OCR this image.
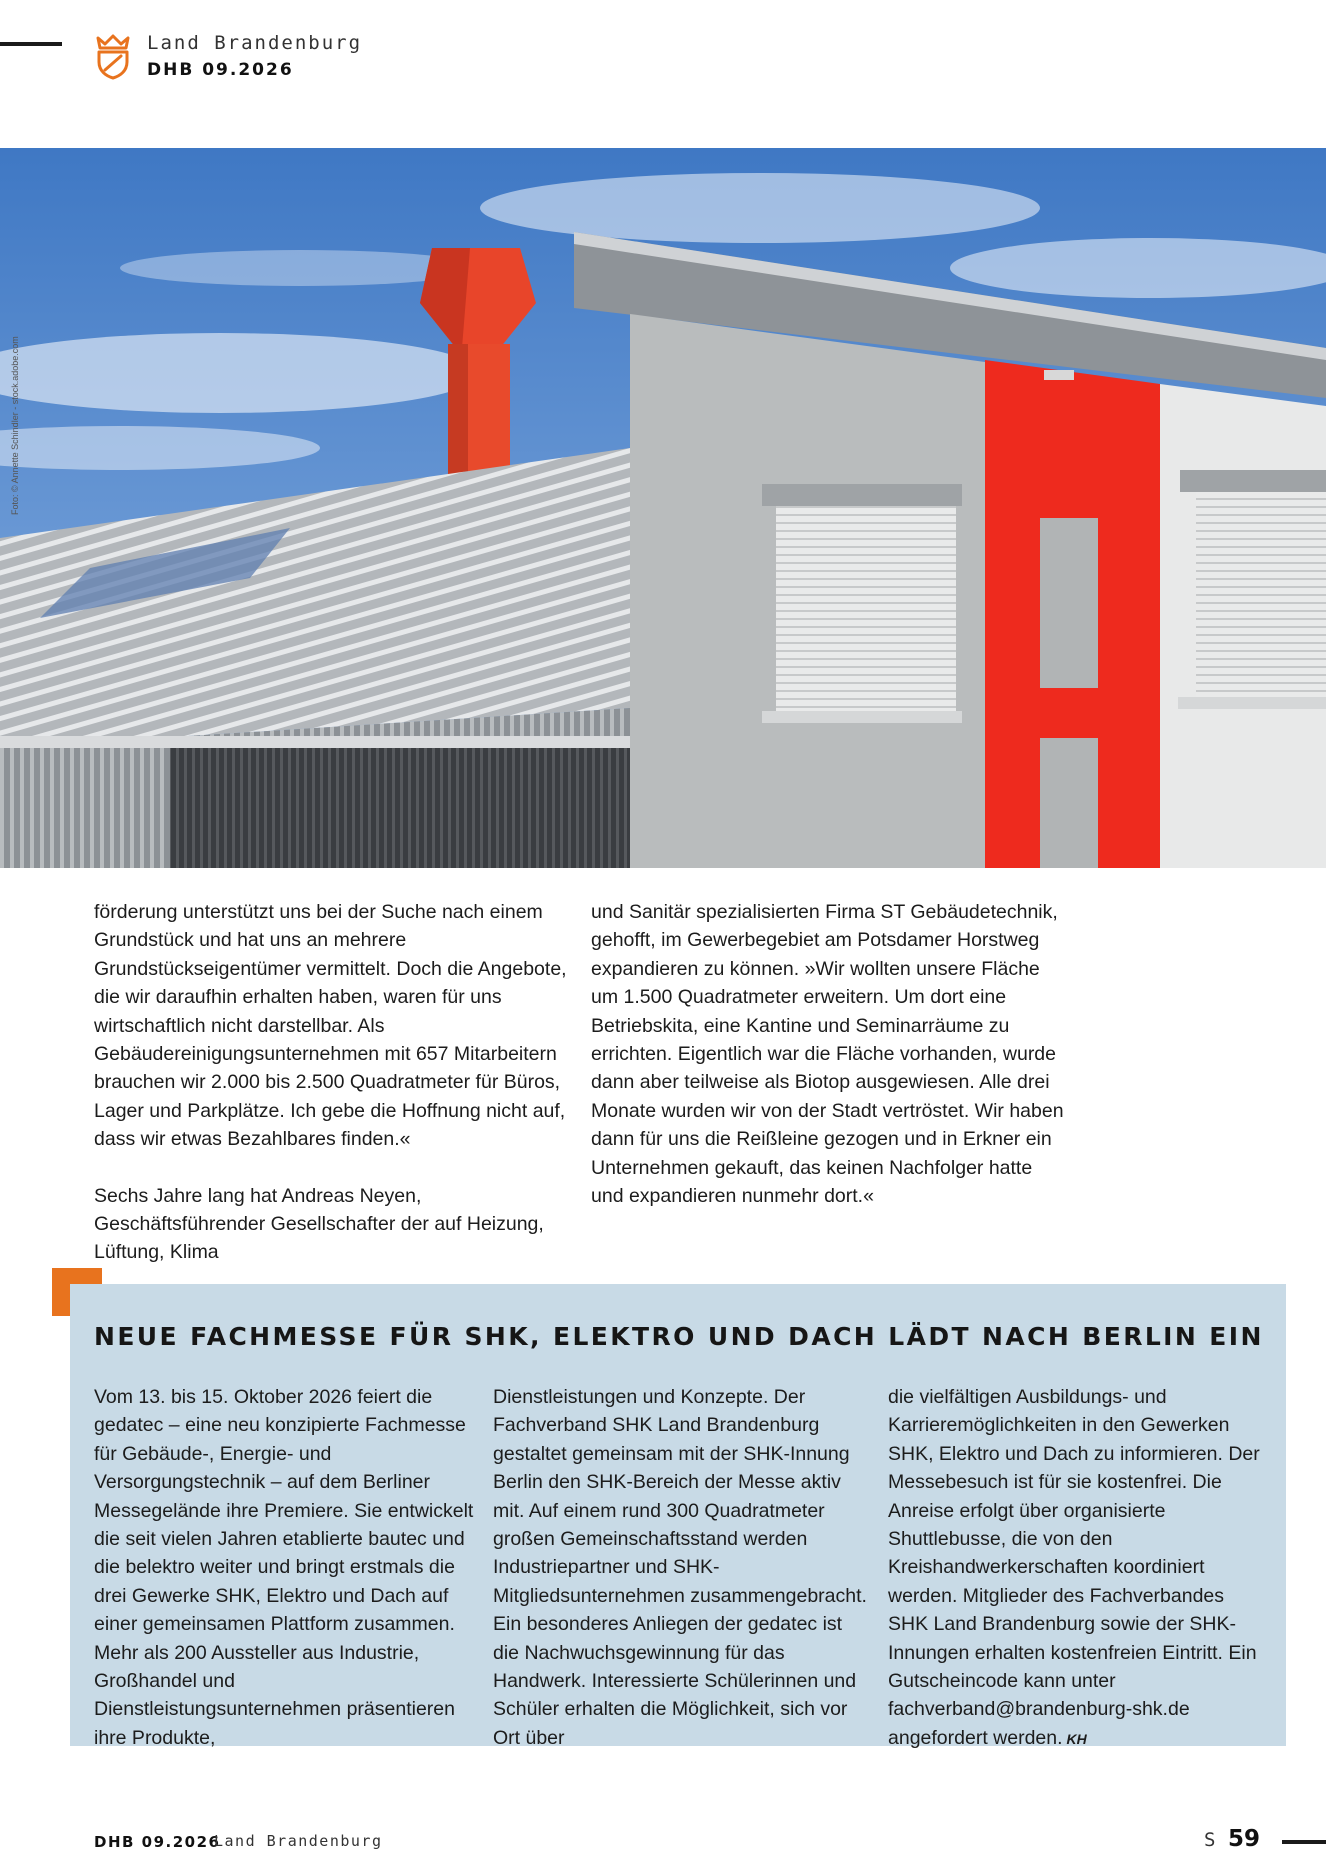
Land Brandenburg
DHB 09.2026
Foto: © Annette Schindler - stock.adobe.com

förderung unterstützt uns bei der Suche nach einem Grundstück und hat uns an mehrere Grundstückseigentümer vermittelt. Doch die Angebote, die wir daraufhin erhalten haben, waren für uns wirtschaftlich nicht darstellbar. Als Gebäudereinigungsunternehmen mit 657 Mitarbeitern brauchen wir 2.000 bis 2.500 Quadratmeter für Büros, Lager und Parkplätze. Ich gebe die Hoffnung nicht auf, dass wir etwas Bezahlbares finden.«

Sechs Jahre lang hat Andreas Neyen, Geschäftsführender Gesellschafter der auf Heizung, Lüftung, Klima

und Sanitär spezialisierten Firma ST Gebäudetechnik, gehofft, im Gewerbegebiet am Potsdamer Horstweg expandieren zu können. »Wir wollten unsere Fläche um 1.500 Quadratmeter erweitern. Um dort eine Betriebskita, eine Kantine und Seminarräume zu errichten. Eigentlich war die Fläche vorhanden, wurde dann aber teilweise als Biotop ausgewiesen. Alle drei Monate wurden wir von der Stadt vertröstet. Wir haben dann für uns die Reißleine gezogen und in Erkner ein Unternehmen gekauft, das keinen Nachfolger hatte und expandieren nunmehr dort.«

NEUE FACHMESSE FÜR SHK, ELEKTRO UND DACH LÄDT NACH BERLIN EIN
Vom 13. bis 15. Oktober 2026 feiert die gedatec – eine neu konzipierte Fachmesse für Gebäude-, Energie- und Versorgungstechnik – auf dem Berliner Messegelände ihre Premiere. Sie entwickelt die seit vielen Jahren etablierte bautec und die belektro weiter und bringt erstmals die drei Gewerke SHK, Elektro und Dach auf einer gemeinsamen Plattform zusammen. Mehr als 200 Aussteller aus Industrie, Großhandel und Dienstleistungsunternehmen präsentieren ihre Produkte,
Dienstleistungen und Konzepte. Der Fachverband SHK Land Brandenburg gestaltet gemeinsam mit der SHK-Innung Berlin den SHK-Bereich der Messe aktiv mit. Auf einem rund 300 Quadratmeter großen Gemeinschaftsstand werden Industriepartner und SHK-Mitgliedsunternehmen zusammengebracht. Ein besonderes Anliegen der gedatec ist die Nachwuchsgewinnung für das Handwerk. Interessierte Schülerinnen und Schüler erhalten die Möglichkeit, sich vor Ort über
die vielfältigen Ausbildungs- und Karrieremöglichkeiten in den Gewerken SHK, Elektro und Dach zu informieren. Der Messebesuch ist für sie kostenfrei. Die Anreise erfolgt über organisierte Shuttlebusse, die von den Kreishandwerkerschaften koordiniert werden. Mitglieder des Fachverbandes SHK Land Brandenburg sowie der SHK-Innungen erhalten kostenfreien Eintritt. Ein Gutscheincode kann unter fachverband@brandenburg-shk.de angefordert werden. KH
DHB 09.2026
Land Brandenburg	S 59
